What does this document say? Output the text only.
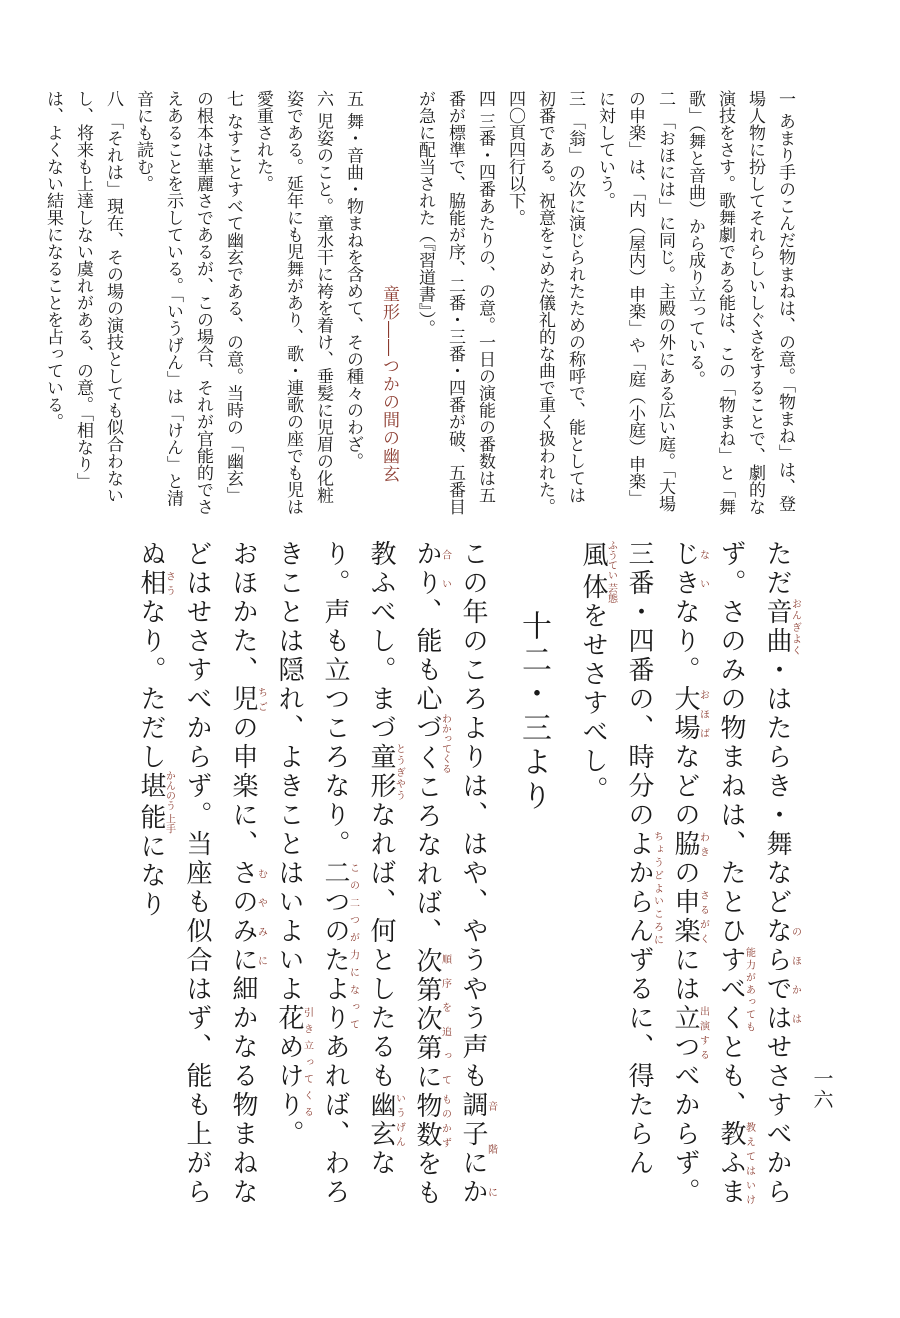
一六

一あまり手のこんだ物まねは、の意。「物まね」は、登場人物に扮してそれらしいしぐさをすることで、劇的な演技をさす。歌舞劇である能は、この「物まね」と「舞歌」（舞と音曲）から成り立っている。

二「おほには」に同じ。主殿の外にある広い庭。「大場の申楽」は、「内（屋内）申楽」や「庭（小庭）申楽」に対していう。

三「翁」の次に演じられたための称呼で、能としては初番である。祝意をこめた儀礼的な曲で重く扱われた。四〇頁四行以下。

四三番・四番あたりの、の意。一日の演能の番数は五番が標準で、脇能が序、二番・三番・四番が破、五番目が急に配当された（『習道書』）。

童形――つかの間の幽玄

五舞・音曲・物まねを含めて、その種々のわざ。

六児姿のこと。童水干に袴を着け、垂髪に児眉の化粧姿である。延年にも児舞があり、歌・連歌の座でも児は愛重された。

七なすことすべて幽玄である、の意。当時の「幽玄」の根本は華麗さであるが、この場合、それが官能的でさえあることを示している。「いうげん」は「けん」と清音にも読む。

八「それは」現在、その場の演技としても似合わないし、将来も上達しない虞れがある、の意。「相なり」は、よくない結果になることを占っている。

ただ音曲おんぎよく・はたらき・舞などならではのほかはせさすべからず。さのみの物まねは、たとひすべく能力があってもとも、教ふまじき教えてはいけないなり。大場おほばなどの脇わきの申楽さるがくには立つ出演するべからず。三番・四番の、時分のよからんちょうどよいころにずるに、得たらん風体ふうてい 芸態をせさすべし。

十二・三より

この年のころよりは、はや、やうやう声も調子にかかり音階に合い、能も心づくわかってくるころなれば、次第次第に順序を追って物数ものかずをも教ふべし。まづ童形とうぎやうなれば、何としたるも幽玄いうげんなり。声も立つころなり。二つのたよりこの二つが力になってあれば、わろきことは隠れ、よきことはいよいよ花めけり引き立ってくる。

おほかた、児ちごの申楽に、さのみにむやみに細かなる物まねなどはせさすべからず。当座も似合はず、能も上がらぬ相さうなり。ただし堪能かんのう 上手になり
